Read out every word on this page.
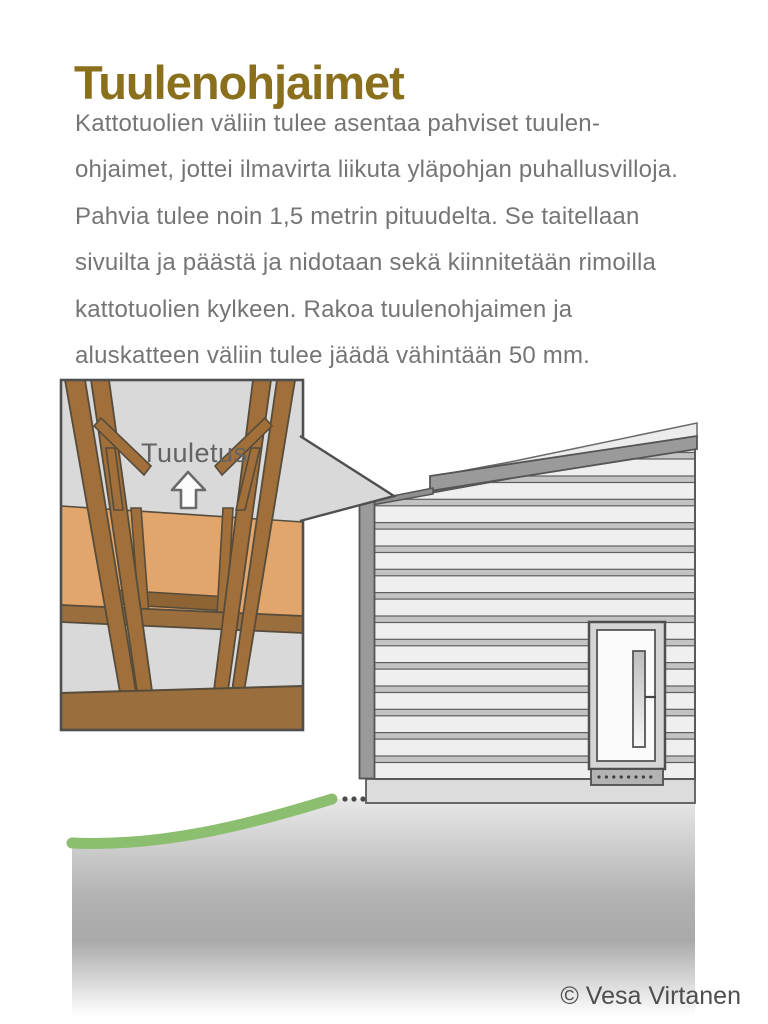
Tuulenohjaimet
Kattotuolien väliin tulee asentaa pahviset tuulen-
ohjaimet, jottei ilmavirta liikuta yläpohjan puhallusvilloja.
Pahvia tulee noin 1,5 metrin pituudelta. Se taitellaan
sivuilta ja päästä ja nidotaan sekä kiinnitetään rimoilla
kattotuolien kylkeen. Rakoa tuulenohjaimen ja
aluskatteen väliin tulee jäädä vähintään 50 mm.
Tuuletus
© Vesa Virtanen
